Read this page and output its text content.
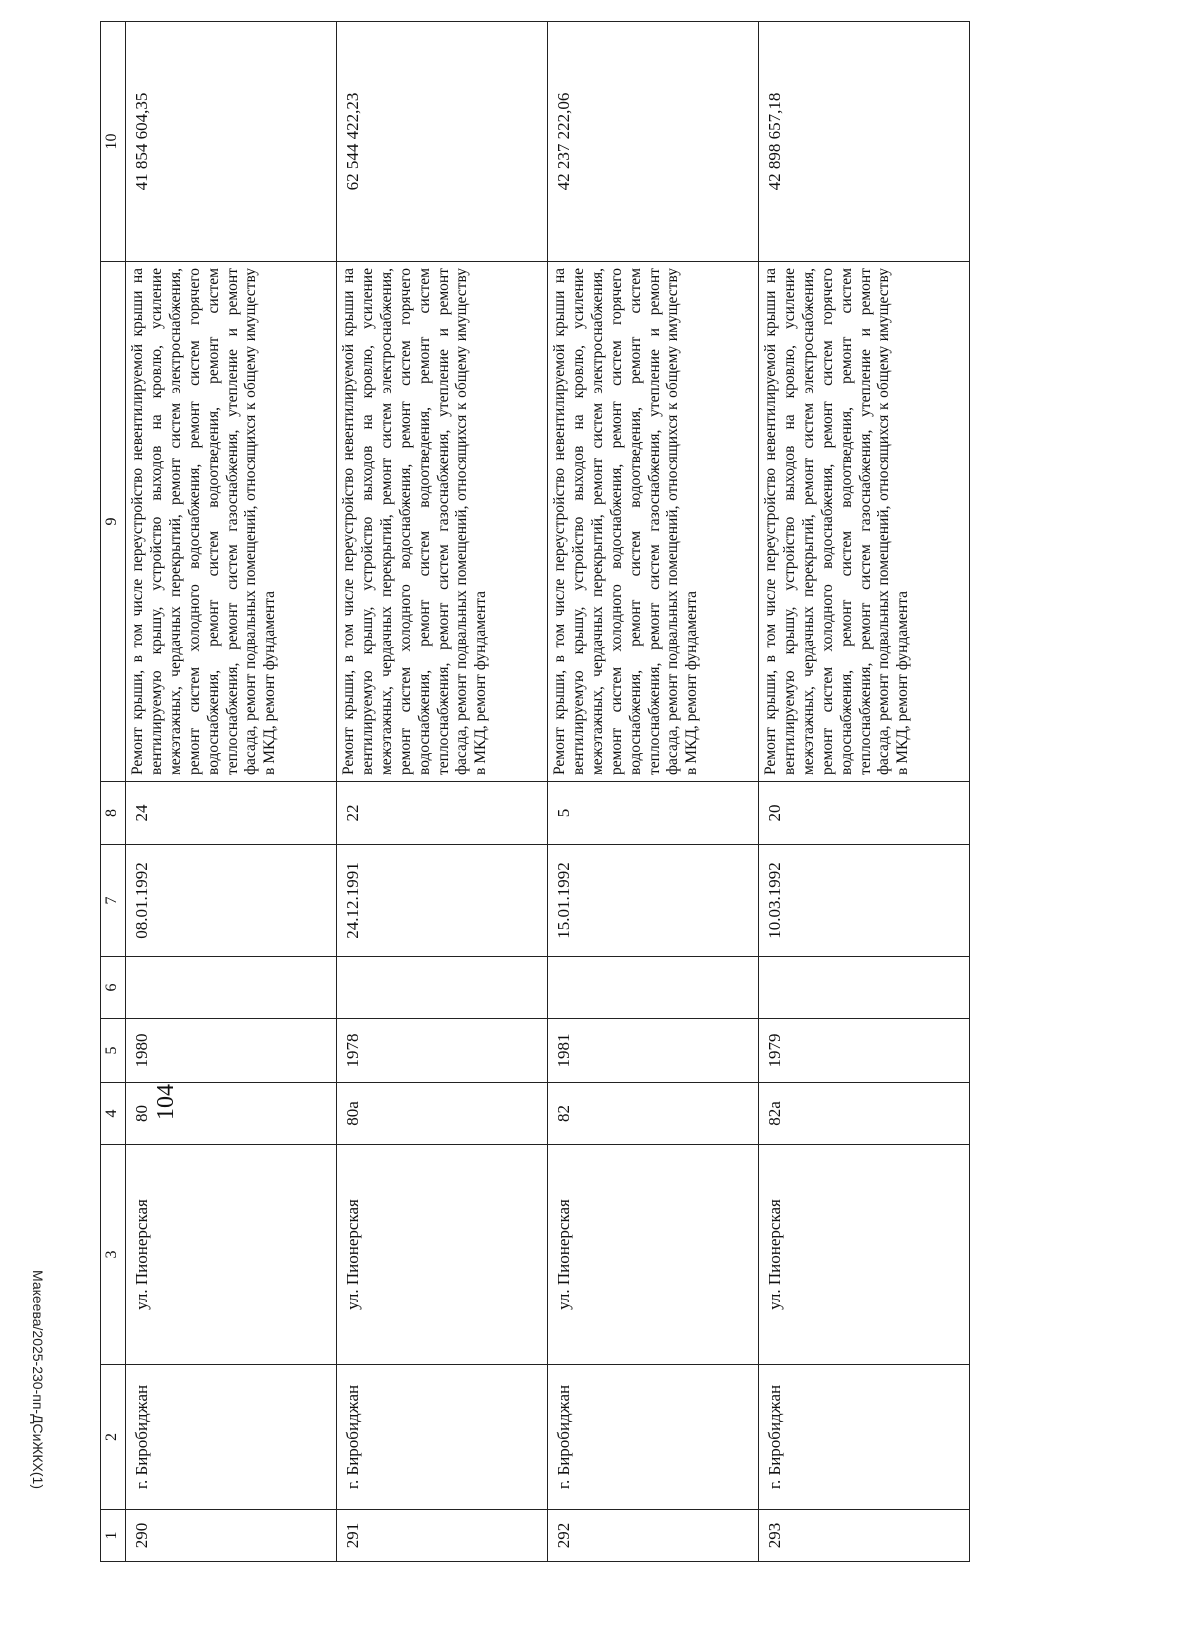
104
1	2	3	4	5	6	7	8	9	10
290	г. Биробиджан	ул. Пионерская	80	1980		08.01.1992	24	Ремонт крыши, в том числе переустройство невентилируемой крыши на вентилируемую крышу, устройство выходов на кровлю, усиление межэтажных, чердачных перекрытий, ремонт систем электроснабжения, ремонт систем холодного водоснабжения, ремонт систем горячего водоснабжения, ремонт систем водоотведения, ремонт систем теплоснабжения, ремонт систем газоснабжения, утепление и ремонт фасада, ремонт подвальных помещений, относящихся к общему имуществу в МКД, ремонт фундамента	41 854 604,35
291	г. Биробиджан	ул. Пионерская	80а	1978		24.12.1991	22	Ремонт крыши, в том числе переустройство невентилируемой крыши на вентилируемую крышу, устройство выходов на кровлю, усиление межэтажных, чердачных перекрытий, ремонт систем электроснабжения, ремонт систем холодного водоснабжения, ремонт систем горячего водоснабжения, ремонт систем водоотведения, ремонт систем теплоснабжения, ремонт систем газоснабжения, утепление и ремонт фасада, ремонт подвальных помещений, относящихся к общему имуществу в МКД, ремонт фундамента	62 544 422,23
292	г. Биробиджан	ул. Пионерская	82	1981		15.01.1992	5	Ремонт крыши, в том числе переустройство невентилируемой крыши на вентилируемую крышу, устройство выходов на кровлю, усиление межэтажных, чердачных перекрытий, ремонт систем электроснабжения, ремонт систем холодного водоснабжения, ремонт систем горячего водоснабжения, ремонт систем водоотведения, ремонт систем теплоснабжения, ремонт систем газоснабжения, утепление и ремонт фасада, ремонт подвальных помещений, относящихся к общему имуществу в МКД, ремонт фундамента	42 237 222,06
293	г. Биробиджан	ул. Пионерская	82а	1979		10.03.1992	20	Ремонт крыши, в том числе переустройство невентилируемой крыши на вентилируемую крышу, устройство выходов на кровлю, усиление межэтажных, чердачных перекрытий, ремонт систем электроснабжения, ремонт систем холодного водоснабжения, ремонт систем горячего водоснабжения, ремонт систем водоотведения, ремонт систем теплоснабжения, ремонт систем газоснабжения, утепление и ремонт фасада, ремонт подвальных помещений, относящихся к общему имуществу в МКД, ремонт фундамента	42 898 657,18
Макеева/2025-230-пп-ДСиЖКХ(1)
